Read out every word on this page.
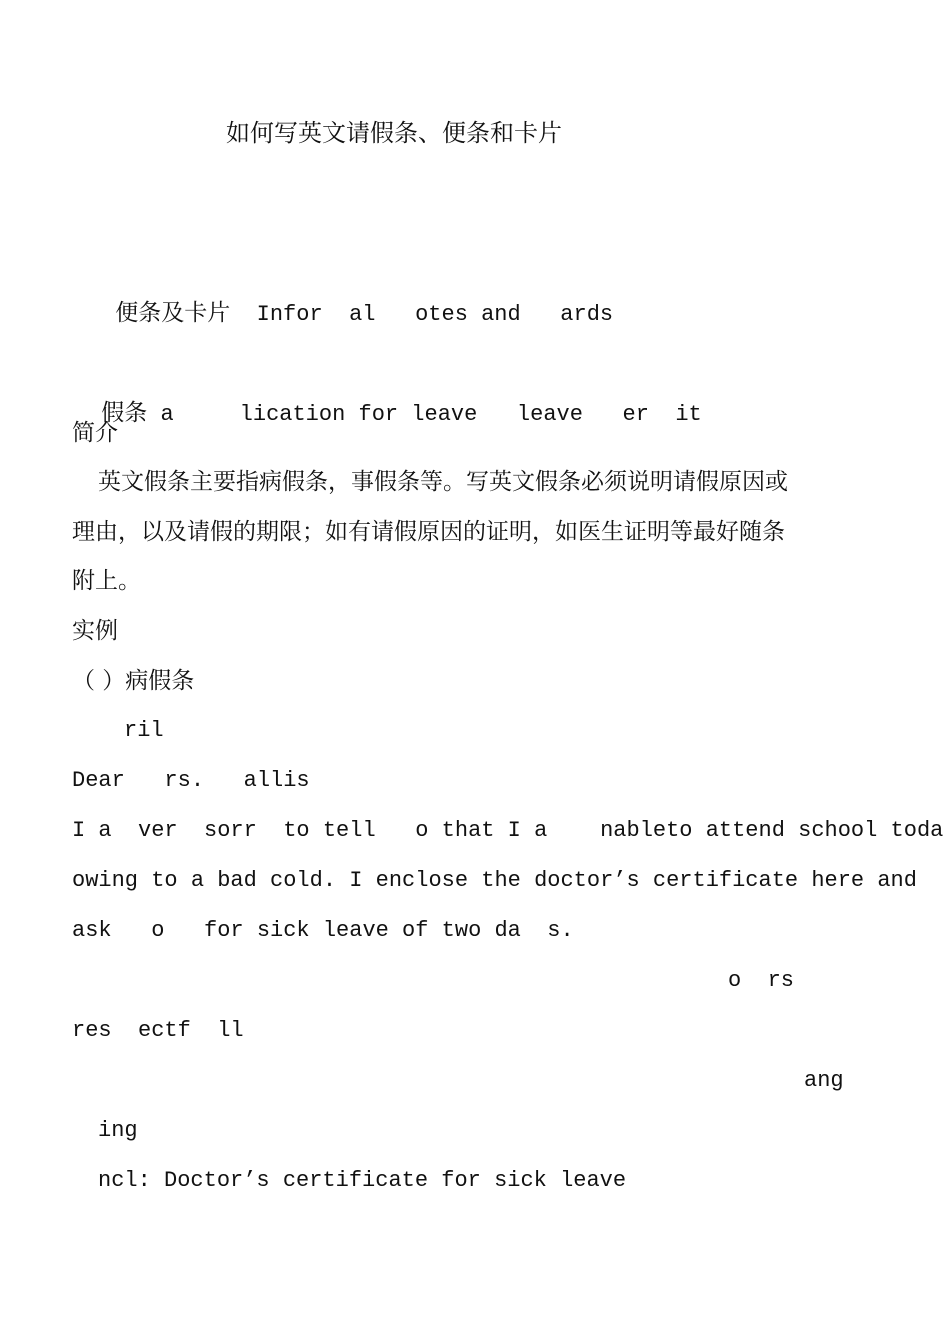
如何写英文请假条、便条和卡片

便条及卡片 Infor  al   otes and   ards

假条 a     lication for leave   leave   er  it

简介
英文假条主要指病假条，事假条等。写英文假条必须说明请假原因或
理由，以及请假的期限；如有请假原因的证明，如医生证明等最好随条
附上。
实例
（ ）病假条
ril
Dear   rs.   allis
I a  ver  sorr  to tell   o that I a    nableto attend school toda
owing to a bad cold. I enclose the doctor’s certificate here and
ask   o   for sick leave of two da  s.
o  rs
res  ectf  ll
ang
ing
ncl: Doctor’s certificate for sick leave
